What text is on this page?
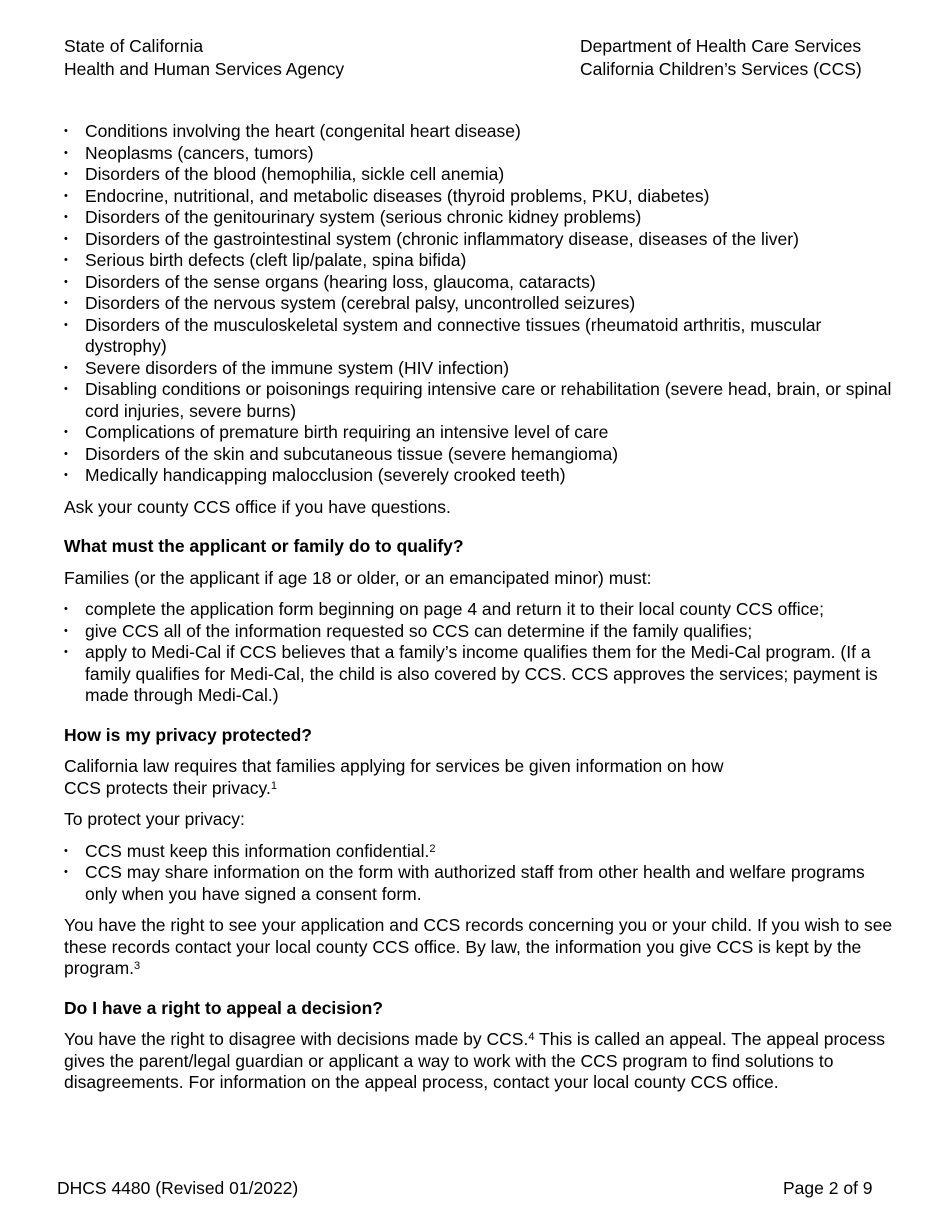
State of California
Health and Human Services Agency
Department of Health Care Services
California Children’s Services (CCS)
• Conditions involving the heart (congenital heart disease)
• Neoplasms (cancers, tumors)
• Disorders of the blood (hemophilia, sickle cell anemia)
• Endocrine, nutritional, and metabolic diseases (thyroid problems, PKU, diabetes)
• Disorders of the genitourinary system (serious chronic kidney problems)
• Disorders of the gastrointestinal system (chronic inflammatory disease, diseases of the liver)
• Serious birth defects (cleft lip/palate, spina bifida)
• Disorders of the sense organs (hearing loss, glaucoma, cataracts)
• Disorders of the nervous system (cerebral palsy, uncontrolled seizures)
• Disorders of the musculoskeletal system and connective tissues (rheumatoid arthritis, muscular dystrophy)
• Severe disorders of the immune system (HIV infection)
• Disabling conditions or poisonings requiring intensive care or rehabilitation (severe head, brain, or spinal cord injuries, severe burns)
• Complications of premature birth requiring an intensive level of care
• Disorders of the skin and subcutaneous tissue (severe hemangioma)
• Medically handicapping malocclusion (severely crooked teeth)

Ask your county CCS office if you have questions.

What must the applicant or family do to qualify?

Families (or the applicant if age 18 or older, or an emancipated minor) must:

• complete the application form beginning on page 4 and return it to their local county CCS office;
• give CCS all of the information requested so CCS can determine if the family qualifies;
• apply to Medi-Cal if CCS believes that a family’s income qualifies them for the Medi-Cal program. (If a family qualifies for Medi-Cal, the child is also covered by CCS. CCS approves the services; payment is made through Medi-Cal.)
How is my privacy protected?

California law requires that families applying for services be given information on how
CCS protects their privacy.$^1$

To protect your privacy:

• CCS must keep this information confidential.$^2$
• CCS may share information on the form with authorized staff from other health and welfare programs only when you have signed a consent form.

You have the right to see your application and CCS records concerning you or your child. If you wish to see these records contact your local county CCS office. By law, the information you give CCS is kept by the program.$^3$

Do I have a right to appeal a decision?

You have the right to disagree with decisions made by CCS.$^4$ This is called an appeal. The appeal process gives the parent/legal guardian or applicant a way to work with the CCS program to find solutions to disagreements. For information on the appeal process, contact your local county CCS office.

DHCS 4480 (Revised 01/2022)	Page 2 of 9
